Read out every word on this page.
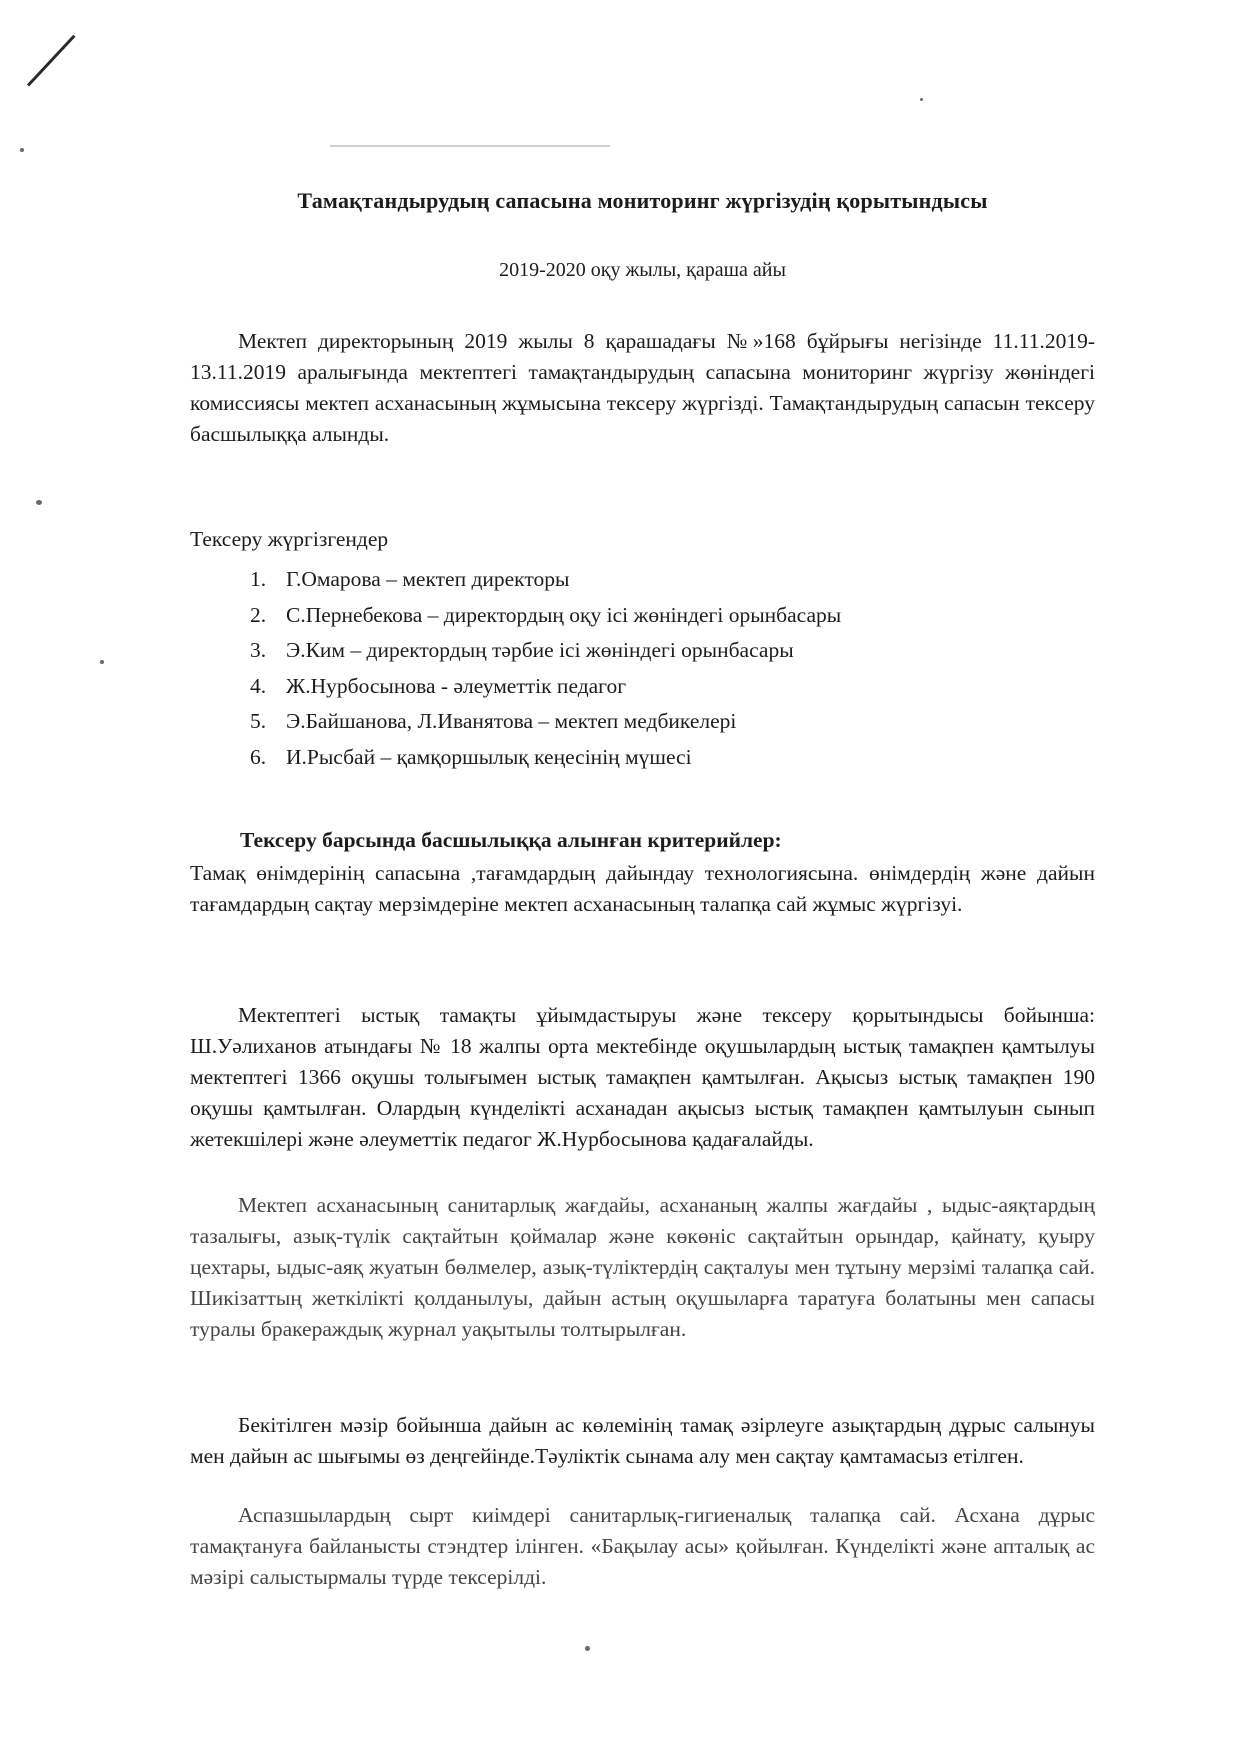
Тамақтандырудың сапасына мониторинг жүргізудің қорытындысы
2019-2020 оқу жылы, қараша айы

Мектеп директорының 2019 жылы 8 қарашадағы №»168 бұйрығы негізінде 11.11.2019-13.11.2019 аралығында мектептегі тамақтандырудың сапасына мониторинг жүргізу жөніндегі комиссиясы мектеп асханасының жұмысына тексеру жүргізді. Тамақтандырудың сапасын тексеру басшылыққа алынды.

Тексеру жүргізгендер
1. Г.Омарова – мектеп директоры
2. С.Пернебекова – директордың оқу ісі жөніндегі орынбасары
3. Э.Ким – директордың тәрбие ісі жөніндегі орынбасары
4. Ж.Нурбосынова - әлеуметтік педагог
5. Э.Байшанова, Л.Иванятова – мектеп медбикелері
6. И.Рысбай – қамқоршылық кеңесінің мүшесі
Тексеру барсында басшылыққа алынған критерийлер:

Тамақ өнімдерінің сапасына ,тағамдардың дайындау технологиясына. өнімдердің және дайын тағамдардың сақтау мерзімдеріне мектеп асханасының талапқа сай жұмыс жүргізуі.

Мектептегі ыстық тамақты ұйымдастыруы және тексеру қорытындысы бойынша: Ш.Уәлиханов атындағы № 18 жалпы орта мектебінде оқушылардың ыстық тамақпен қамтылуы мектептегі 1366 оқушы толығымен ыстық тамақпен қамтылған. Ақысыз ыстық тамақпен 190 оқушы қамтылған. Олардың күнделікті асханадан ақысыз ыстық тамақпен қамтылуын сынып жетекшілері және әлеуметтік педагог Ж.Нурбосынова қадағалайды.

Мектеп асханасының санитарлық жағдайы, асхананың жалпы жағдайы , ыдыс-аяқтардың тазалығы, азық-түлік сақтайтын қоймалар және көкөніс сақтайтын орындар, қайнату, қуыру цехтары, ыдыс-аяқ жуатын бөлмелер, азық-түліктердің сақталуы мен тұтыну мерзімі талапқа сай. Шикізаттың жеткілікті қолданылуы, дайын астың оқушыларға таратуға болатыны мен сапасы туралы бракераждық журнал уақытылы толтырылған.

Бекітілген мәзір бойынша дайын ас көлемінің тамақ әзірлеуге азықтардың дұрыс салынуы мен дайын ас шығымы өз деңгейінде.Тәуліктік сынама алу мен сақтау қамтамасыз етілген.

Аспазшылардың сырт киімдері санитарлық-гигиеналық талапқа сай. Асхана дұрыс тамақтануға байланысты стэндтер ілінген. «Бақылау асы» қойылған. Күнделікті және апталық ас мәзірі салыстырмалы түрде тексерілді.
